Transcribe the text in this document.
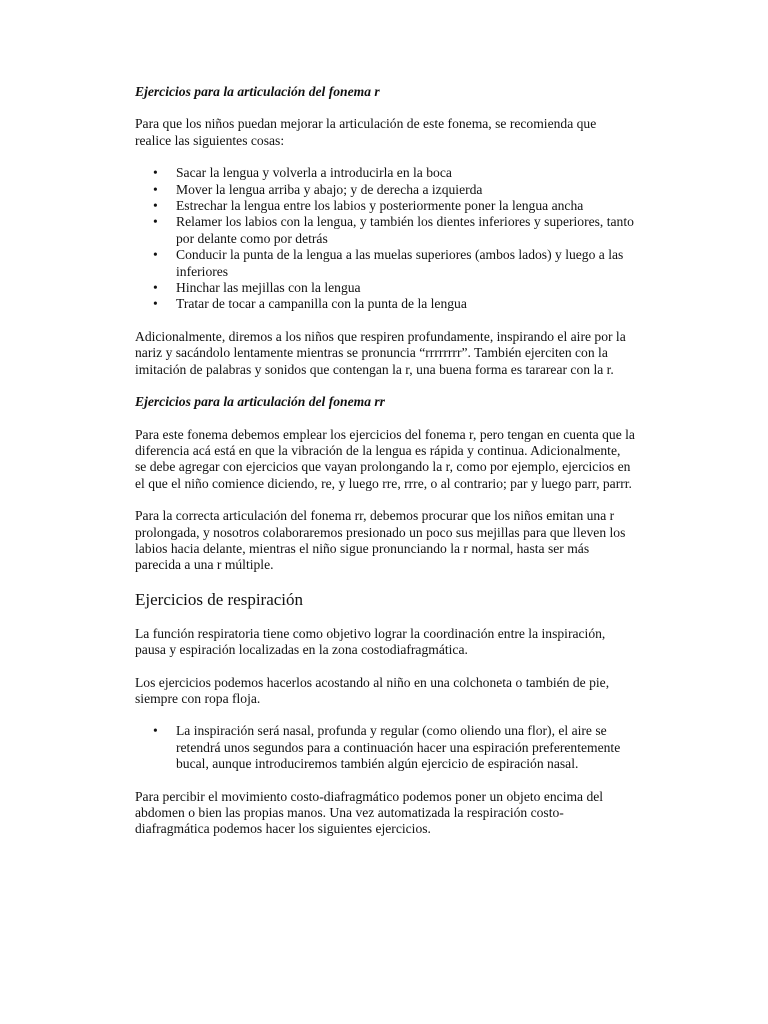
Ejercicios para la articulación del fonema r

Para que los niños puedan mejorar la articulación de este fonema, se recomienda que realice las siguientes cosas:

• Sacar la lengua y volverla a introducirla en la boca
• Mover la lengua arriba y abajo; y de derecha a izquierda
• Estrechar la lengua entre los labios y posteriormente poner la lengua ancha
• Relamer los labios con la lengua, y también los dientes inferiores y superiores, tanto por delante como por detrás
• Conducir la punta de la lengua a las muelas superiores (ambos lados) y luego a las inferiores
• Hinchar las mejillas con la lengua
• Tratar de tocar a campanilla con la punta de la lengua

Adicionalmente, diremos a los niños que respiren profundamente, inspirando el aire por la nariz y sacándolo lentamente mientras se pronuncia “rrrrrrrr”. También ejerciten con la imitación de palabras y sonidos que contengan la r, una buena forma es tararear con la r.

Ejercicios para la articulación del fonema rr

Para este fonema debemos emplear los ejercicios del fonema r, pero tengan en cuenta que la diferencia acá está en que la vibración de la lengua es rápida y continua. Adicionalmente, se debe agregar con ejercicios que vayan prolongando la r, como por ejemplo, ejercicios en el que el niño comience diciendo, re, y luego rre, rrre, o al contrario; par y luego parr, parrr.

Para la correcta articulación del fonema rr, debemos procurar que los niños emitan una r prolongada, y nosotros colaboraremos presionado un poco sus mejillas para que lleven los labios hacia delante, mientras el niño sigue pronunciando la r normal, hasta ser más parecida a una r múltiple.

Ejercicios de respiración

La función respiratoria tiene como objetivo lograr la coordinación entre la inspiración, pausa y espiración localizadas en la zona costodiafragmática.

Los ejercicios podemos hacerlos acostando al niño en una colchoneta o también de pie, siempre con ropa floja.

• La inspiración será nasal, profunda y regular (como oliendo una flor), el aire se retendrá unos segundos para a continuación hacer una espiración preferentemente bucal, aunque introduciremos también algún ejercicio de espiración nasal.

Para percibir el movimiento costo-diafragmático podemos poner un objeto encima del abdomen o bien las propias manos. Una vez automatizada la respiración costo-diafragmática podemos hacer los siguientes ejercicios.
